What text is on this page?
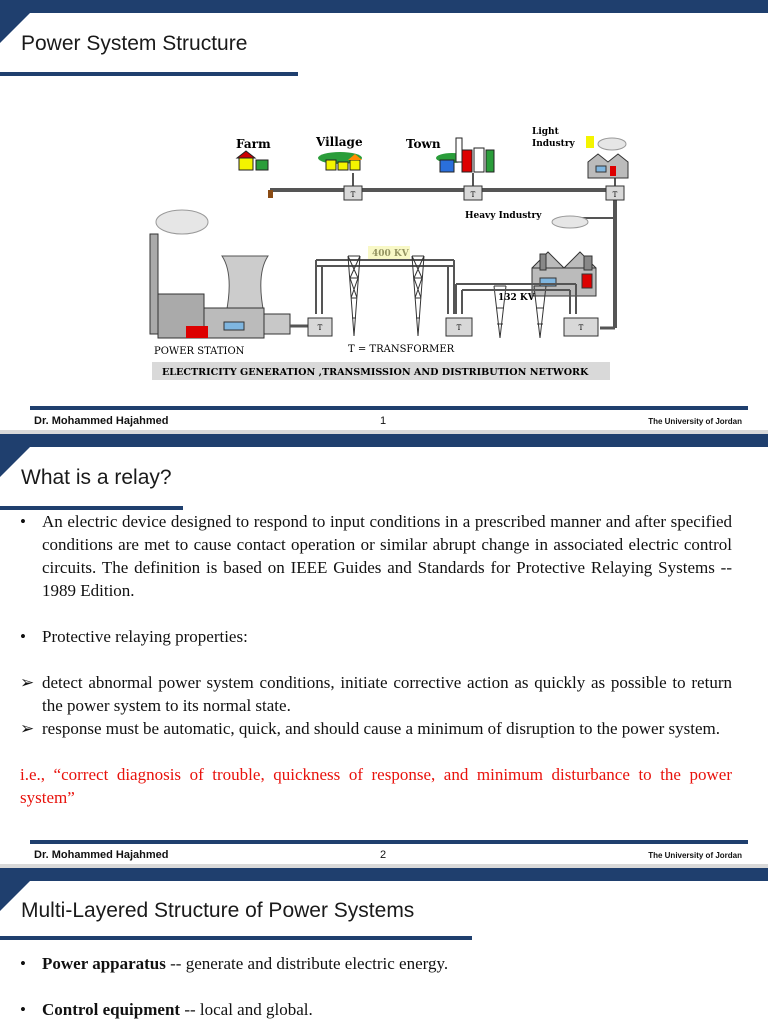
Power System Structure
T	T	T
Farm	Village	Town
Light
Industry
Heavy Industry
132 KV
T	T	T
POWER STATION	T = TRANSFORMER
ELECTRICITY GENERATION ,TRANSMISSION AND DISTRIBUTION NETWORK
Dr. Mohammed Hajahmed	1	The University of Jordan
What is a relay?
• An electric device designed to respond to input conditions in a prescribed manner and after specified conditions are met to cause contact operation or similar abrupt change in associated electric control circuits. The definition is based on IEEE Guides and Standards for Protective Relaying Systems -- 1989 Edition.
• Protective relaying properties:
➢ detect abnormal power system conditions, initiate corrective action as quickly as possible to return the power system to its normal state.
➢ response must be automatic, quick, and should cause a minimum of disruption to the power system.
i.e., “correct diagnosis of trouble, quickness of response, and minimum disturbance to the power system”
Dr. Mohammed Hajahmed	2	The University of Jordan
Multi-Layered Structure of Power Systems
• Power apparatus -- generate and distribute electric energy.
• Control equipment -- local and global.
